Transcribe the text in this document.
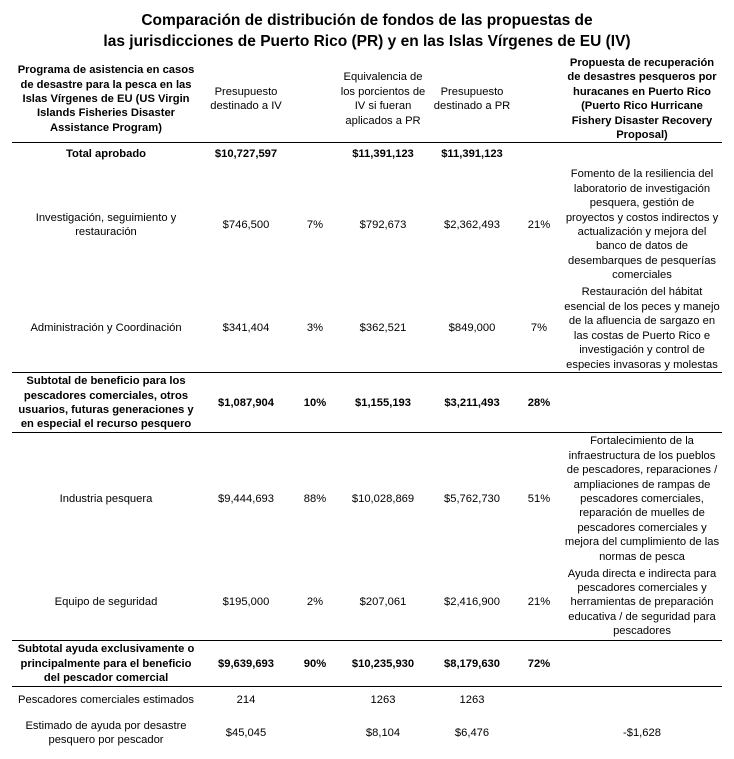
Comparación de distribución de fondos de las propuestas de
las jurisdicciones de Puerto Rico (PR) y en las Islas Vírgenes de EU (IV)
Programa de asistencia en casos de desastre para la pesca en las Islas Vírgenes de EU (US Virgin Islands Fisheries Disaster Assistance Program)	Presupuesto destinado a IV		Equivalencia de los porcientos de IV si fueran aplicados a PR	Presupuesto destinado a PR		Propuesta de recuperación de desastres pesqueros por huracanes en Puerto Rico (Puerto Rico Hurricane Fishery Disaster Recovery Proposal)
Total aprobado	$10,727,597		$11,391,123	$11,391,123		
Investigación, seguimiento y restauración	$746,500	7%	$792,673	$2,362,493	21%	Fomento de la resiliencia del laboratorio de investigación pesquera, gestión de proyectos y costos indirectos y actualización y mejora del banco de datos de desembarques de pesquerías comerciales
Administración y Coordinación	$341,404	3%	$362,521	$849,000	7%	Restauración del hábitat esencial de los peces y manejo de la afluencia de sargazo en las costas de Puerto Rico e investigación y control de especies invasoras y molestas
Subtotal de beneficio para los pescadores comerciales, otros usuarios, futuras generaciones y en especial el recurso pesquero	$1,087,904	10%	$1,155,193	$3,211,493	28%	
Industria pesquera	$9,444,693	88%	$10,028,869	$5,762,730	51%	Fortalecimiento de la infraestructura de los pueblos de pescadores, reparaciones / ampliaciones de rampas de pescadores comerciales, reparación de muelles de pescadores comerciales y mejora del cumplimiento de las normas de pesca
Equipo de seguridad	$195,000	2%	$207,061	$2,416,900	21%	Ayuda directa e indirecta para pescadores comerciales y herramientas de preparación educativa / de seguridad para pescadores
Subtotal ayuda exclusivamente o principalmente para el beneficio del pescador comercial	$9,639,693	90%	$10,235,930	$8,179,630	72%	
Pescadores comerciales estimados	214		1263	1263		
Estimado de ayuda por desastre pesquero por pescador	$45,045		$8,104	$6,476		-$1,628
